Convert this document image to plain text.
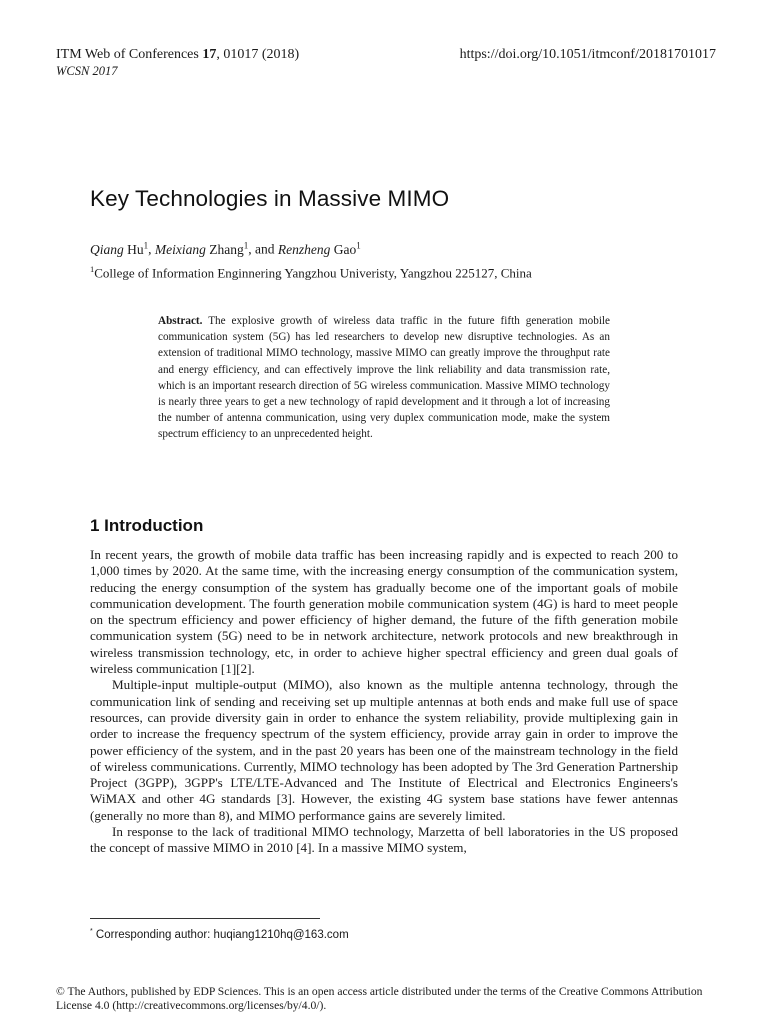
ITM Web of Conferences 17, 01017 (2018)
WCSN 2017
https://doi.org/10.1051/itmconf/20181701017
Key Technologies in Massive MIMO
Qiang Hu$^1$, Meixiang Zhang$^1$, and Renzheng Gao$^1$
$^1$College of Information Enginnering Yangzhou Univeristy, Yangzhou 225127, China
Abstract. The explosive growth of wireless data traffic in the future fifth generation mobile communication system (5G) has led researchers to develop new disruptive technologies. As an extension of traditional MIMO technology, massive MIMO can greatly improve the throughput rate and energy efficiency, and can effectively improve the link reliability and data transmission rate, which is an important research direction of 5G wireless communication. Massive MIMO technology is nearly three years to get a new technology of rapid development and it through a lot of increasing the number of antenna communication, using very duplex communication mode, make the system spectrum efficiency to an unprecedented height.
1 Introduction

In recent years, the growth of mobile data traffic has been increasing rapidly and is expected to reach 200 to 1,000 times by 2020. At the same time, with the increasing energy consumption of the communication system, reducing the energy consumption of the system has gradually become one of the important goals of mobile communication development. The fourth generation mobile communication system (4G) is hard to meet people on the spectrum efficiency and power efficiency of higher demand, the future of the fifth generation mobile communication system (5G) need to be in network architecture, network protocols and new breakthrough in wireless transmission technology, etc, in order to achieve higher spectral efficiency and green dual goals of wireless communication [1][2].

Multiple-input multiple-output (MIMO), also known as the multiple antenna technology, through the communication link of sending and receiving set up multiple antennas at both ends and make full use of space resources, can provide diversity gain in order to enhance the system reliability, provide multiplexing gain in order to increase the frequency spectrum of the system efficiency, provide array gain in order to improve the power efficiency of the system, and in the past 20 years has been one of the mainstream technology in the field of wireless communications. Currently, MIMO technology has been adopted by The 3rd Generation Partnership Project (3GPP), 3GPP's LTE/LTE-Advanced and The Institute of Electrical and Electronics Engineers's WiMAX and other 4G standards [3]. However, the existing 4G system base stations have fewer antennas (generally no more than 8), and MIMO performance gains are severely limited.

In response to the lack of traditional MIMO technology, Marzetta of bell laboratories in the US proposed the concept of massive MIMO in 2010 [4]. In a massive MIMO system,

* Corresponding author: huqiang1210hq@163.com
© The Authors, published by EDP Sciences. This is an open access article distributed under the terms of the Creative Commons Attribution License 4.0 (http://creativecommons.org/licenses/by/4.0/).
